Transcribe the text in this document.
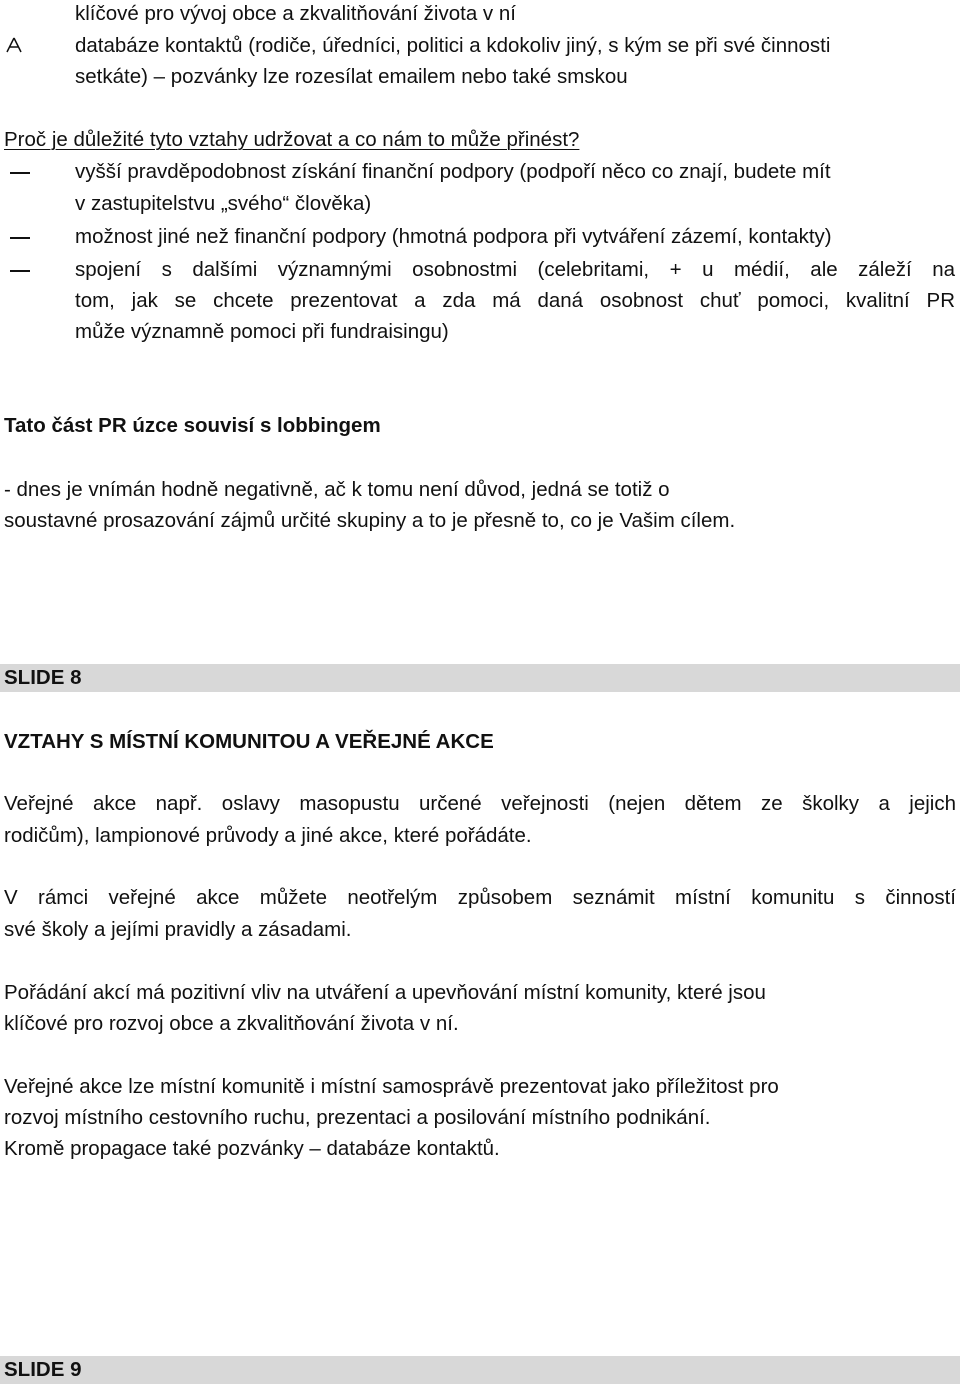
klíčové pro vývoj obce a zkvalitňování života v ní
databáze kontaktů (rodiče, úředníci, politici a kdokoliv jiný, s kým se při své činnosti
setkáte) – pozvánky lze rozesílat emailem nebo také smskou
Proč je důležité tyto vztahy udržovat a co nám to může přinést?
vyšší pravděpodobnost získání finanční podpory (podpoří něco co znají, budete mít
v zastupitelstvu „svého“ člověka)
možnost jiné než finanční podpory (hmotná podpora při vytváření zázemí, kontakty)
spojení s dalšími významnými osobnostmi (celebritami, + u médií, ale záleží na
tom, jak se chcete prezentovat a zda má daná osobnost chuť pomoci, kvalitní PR
může významně pomoci při fundraisingu)
Tato část PR úzce souvisí s lobbingem
- dnes je vnímán hodně negativně, ač k tomu není důvod, jedná se totiž o
soustavné prosazování zájmů určité skupiny a to je přesně to, co je Vašim cílem.
SLIDE 8
VZTAHY S MÍSTNÍ KOMUNITOU A VEŘEJNÉ AKCE
Veřejné akce např. oslavy masopustu určené veřejnosti (nejen dětem ze školky a jejich
rodičům), lampionové průvody a jiné akce, které pořádáte.
V rámci veřejné akce můžete neotřelým způsobem seznámit místní komunitu s činností
své školy a jejími pravidly a zásadami.
Pořádání akcí má pozitivní vliv na utváření a upevňování místní komunity, které jsou
klíčové pro rozvoj obce a zkvalitňování života v ní.
Veřejné akce lze místní komunitě i místní samosprávě prezentovat jako příležitost pro
rozvoj místního cestovního ruchu, prezentaci a posilování místního podnikání.
Kromě propagace také pozvánky – databáze kontaktů.
SLIDE 9
